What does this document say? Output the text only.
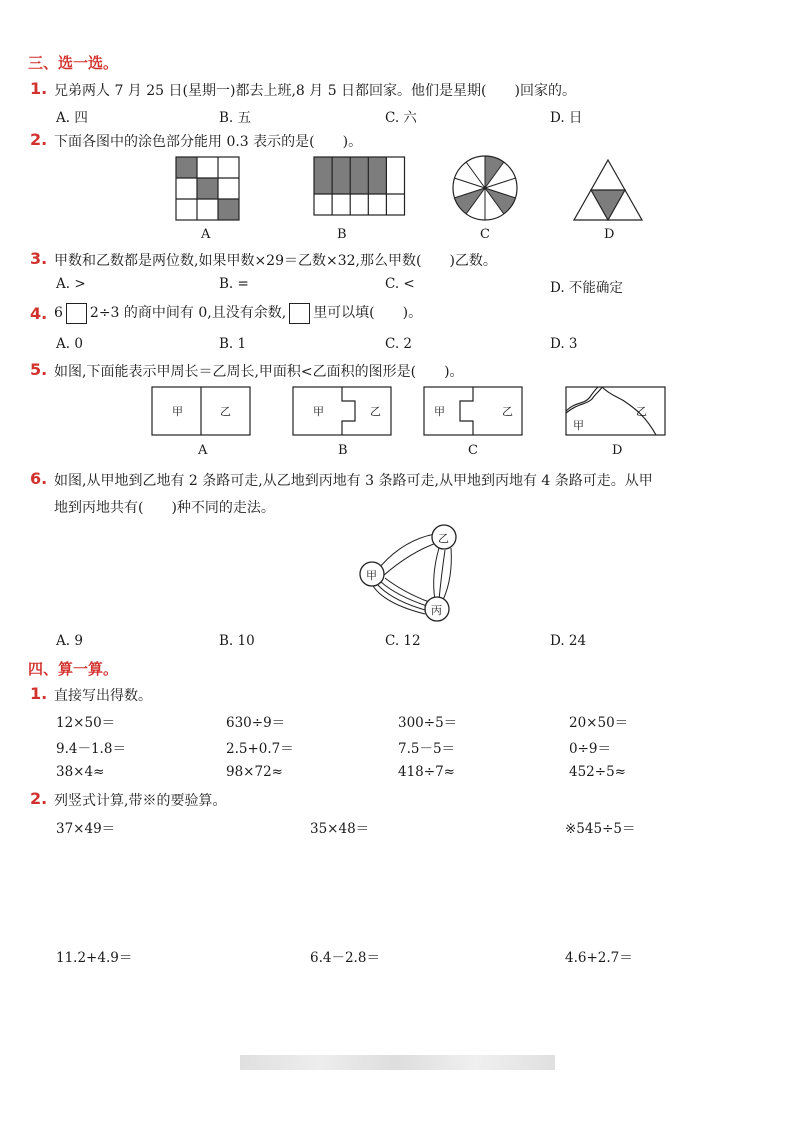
三、选一选。
1. 兄弟两人 7 月 25 日(星期一)都去上班,8 月 5 日都回家。他们是星期(　　)回家的。
A. 四	B. 五	C. 六	D. 日
2. 下面各图中的涂色部分能用 0.3 表示的是(　　)。
A	B	C	D
3. 甲数和乙数都是两位数,如果甲数×29＝乙数×32,那么甲数(　　)乙数。
A. >	B. =	C. <	D. 不能确定
4. 6 2÷3 的商中间有 0,且没有余数, 里可以填(　　)。
A. 0	B. 1	C. 2	D. 3
5. 如图,下面能表示甲周长＝乙周长,甲面积<乙面积的图形是(　　)。
甲	乙
A
甲	乙
B
甲	乙
C
甲
乙
D
6. 如图,从甲地到乙地有 2 条路可走,从乙地到丙地有 3 条路可走,从甲地到丙地有 4 条路可走。从甲
地到丙地共有(　　)种不同的走法。
甲
乙
丙
A. 9	B. 10	C. 12	D. 24
四、算一算。
1. 直接写出得数。
12×50＝	630÷9＝	300÷5＝	20×50＝
9.4－1.8＝	2.5+0.7＝	7.5－5＝	0÷9＝
38×4≈	98×72≈	418÷7≈	452÷5≈
2. 列竖式计算,带※的要验算。
37×49＝	35×48＝	※545÷5＝
11.2+4.9＝	6.4－2.8＝	4.6+2.7＝
